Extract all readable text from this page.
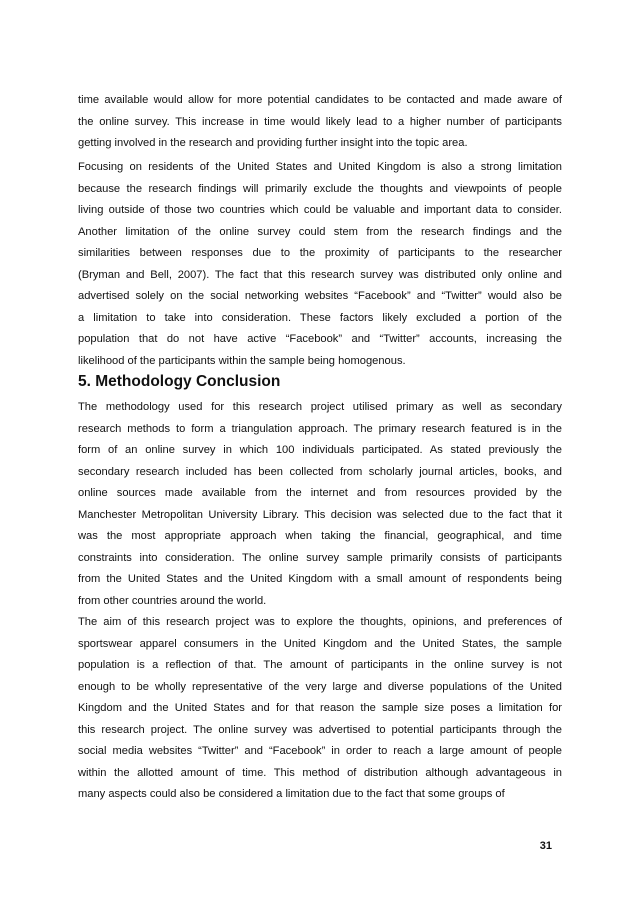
time available would allow for more potential candidates to be contacted and made aware of
the online survey. This increase in time would likely lead to a higher number of participants
getting involved in the research and providing further insight into the topic area.
Focusing on residents of the United States and United Kingdom is also a strong limitation
because the research findings will primarily exclude the thoughts and viewpoints of people
living outside of those two countries which could be valuable and important data to consider.
Another limitation of the online survey could stem from the research findings and the
similarities between responses due to the proximity of participants to the researcher
(Bryman and Bell, 2007). The fact that this research survey was distributed only online and
advertised solely on the social networking websites “Facebook” and “Twitter” would also be
a limitation to take into consideration. These factors likely excluded a portion of the
population that do not have active “Facebook” and “Twitter” accounts, increasing the
likelihood of the participants within the sample being homogenous.
5. Methodology Conclusion
The methodology used for this research project utilised primary as well as secondary
research methods to form a triangulation approach. The primary research featured is in the
form of an online survey in which 100 individuals participated. As stated previously the
secondary research included has been collected from scholarly journal articles, books, and
online sources made available from the internet and from resources provided by the
Manchester Metropolitan University Library. This decision was selected due to the fact that it
was the most appropriate approach when taking the financial, geographical, and time
constraints into consideration. The online survey sample primarily consists of participants
from the United States and the United Kingdom with a small amount of respondents being
from other countries around the world.
The aim of this research project was to explore the thoughts, opinions, and preferences of
sportswear apparel consumers in the United Kingdom and the United States, the sample
population is a reflection of that. The amount of participants in the online survey is not
enough to be wholly representative of the very large and diverse populations of the United
Kingdom and the United States and for that reason the sample size poses a limitation for
this research project. The online survey was advertised to potential participants through the
social media websites “Twitter” and “Facebook” in order to reach a large amount of people
within the allotted amount of time. This method of distribution although advantageous in
many aspects could also be considered a limitation due to the fact that some groups of
31
